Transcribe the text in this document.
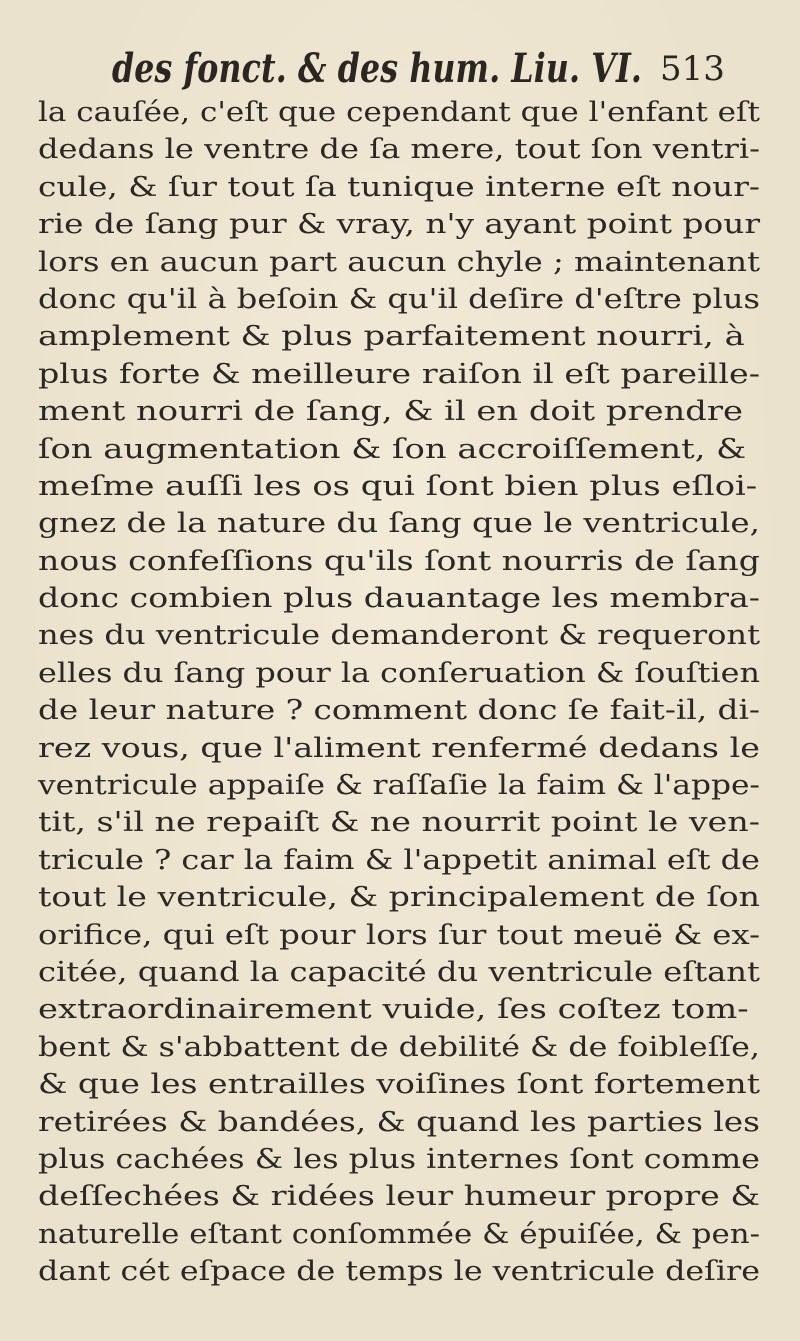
des fonct. & des hum. Liu. VI. 513
la cauſée, c'eſt que cependant que l'enfant eſt
dedans le ventre de ſa mere, tout ſon ventri-
cule, & ſur tout ſa tunique interne eſt nour-
rie de ſang pur & vray, n'y ayant point pour
lors en aucun part aucun chyle ; maintenant
donc qu'il à beſoin & qu'il deſire d'eſtre plus
amplement & plus parfaitement nourri, à
plus forte & meilleure raiſon il eſt pareille-
ment nourri de ſang, & il en doit prendre
ſon augmentation & ſon accroiſſement, &
meſme auſſi les os qui ſont bien plus eſloi-
gnez de la nature du ſang que le ventricule,
nous confeſſions qu'ils ſont nourris de ſang
donc combien plus dauantage les membra-
nes du ventricule demanderont & requeront
elles du ſang pour la conſeruation & ſouſtien
de leur nature ? comment donc ſe fait-il, di-
rez vous, que l'aliment renfermé dedans le
ventricule appaiſe & raſſaſie la faim & l'appe-
tit, s'il ne repaiſt & ne nourrit point le ven-
tricule ? car la faim & l'appetit animal eſt de
tout le ventricule, & principalement de ſon
orifice, qui eſt pour lors ſur tout meuë & ex-
citée, quand la capacité du ventricule eſtant
extraordinairement vuide, ſes coſtez tom-
bent & s'abbattent de debilité & de foibleſſe,
& que les entrailles voiſines ſont fortement
retirées & bandées, & quand les parties les
plus cachées & les plus internes ſont comme
deſſechées & ridées leur humeur propre &
naturelle eſtant conſommée & épuiſée, & pen-
dant cét eſpace de temps le ventricule deſire
